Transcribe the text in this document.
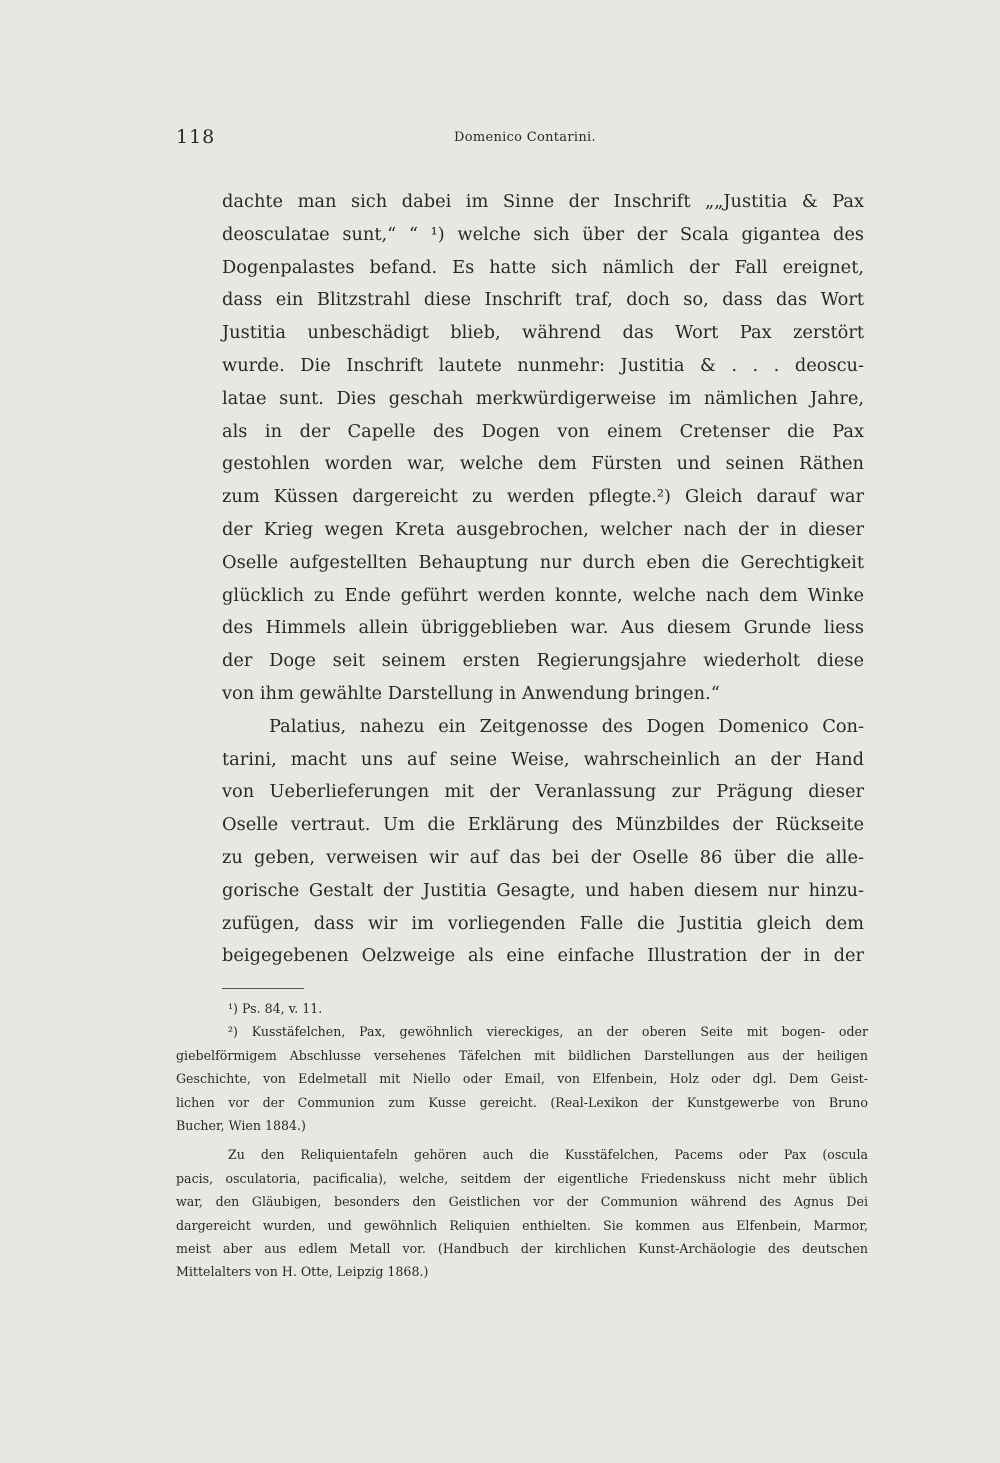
118	Domenico Contarini.
dachte man sich dabei im Sinne der Inschrift „„Justitia & Pax
deosculatae sunt,“ “ ¹) welche sich über der Scala gigantea des
Dogenpalastes befand. Es hatte sich nämlich der Fall ereignet,
dass ein Blitzstrahl diese Inschrift traf, doch so, dass das Wort
Justitia unbeschädigt blieb, während das Wort Pax zerstört
wurde. Die Inschrift lautete nunmehr: Justitia & . . . deoscu-
latae sunt. Dies geschah merkwürdigerweise im nämlichen Jahre,
als in der Capelle des Dogen von einem Cretenser die Pax
gestohlen worden war, welche dem Fürsten und seinen Räthen
zum Küssen dargereicht zu werden pflegte.²) Gleich darauf war
der Krieg wegen Kreta ausgebrochen, welcher nach der in dieser
Oselle aufgestellten Behauptung nur durch eben die Gerechtigkeit
glücklich zu Ende geführt werden konnte, welche nach dem Winke
des Himmels allein übriggeblieben war. Aus diesem Grunde liess
der Doge seit seinem ersten Regierungsjahre wiederholt diese
von ihm gewählte Darstellung in Anwendung bringen.“
Palatius, nahezu ein Zeitgenosse des Dogen Domenico Con-
tarini, macht uns auf seine Weise, wahrscheinlich an der Hand
von Ueberlieferungen mit der Veranlassung zur Prägung dieser
Oselle vertraut. Um die Erklärung des Münzbildes der Rückseite
zu geben, verweisen wir auf das bei der Oselle 86 über die alle-
gorische Gestalt der Justitia Gesagte, und haben diesem nur hinzu-
zufügen, dass wir im vorliegenden Falle die Justitia gleich dem
beigegebenen Oelzweige als eine einfache Illustration der in der
¹) Ps. 84, v. 11.
²) Kusstäfelchen, Pax, gewöhnlich viereckiges, an der oberen Seite mit bogen- oder
giebelförmigem Abschlusse versehenes Täfelchen mit bildlichen Darstellungen aus der heiligen
Geschichte, von Edelmetall mit Niello oder Email, von Elfenbein, Holz oder dgl. Dem Geist-
lichen vor der Communion zum Kusse gereicht. (Real-Lexikon der Kunstgewerbe von Bruno
Bucher, Wien 1884.)
Zu den Reliquientafeln gehören auch die Kusstäfelchen, Pacems oder Pax (oscula
pacis, osculatoria, pacificalia), welche, seitdem der eigentliche Friedenskuss nicht mehr üblich
war, den Gläubigen, besonders den Geistlichen vor der Communion während des Agnus Dei
dargereicht wurden, und gewöhnlich Reliquien enthielten. Sie kommen aus Elfenbein, Marmor,
meist aber aus edlem Metall vor. (Handbuch der kirchlichen Kunst-Archäologie des deutschen
Mittelalters von H. Otte, Leipzig 1868.)
